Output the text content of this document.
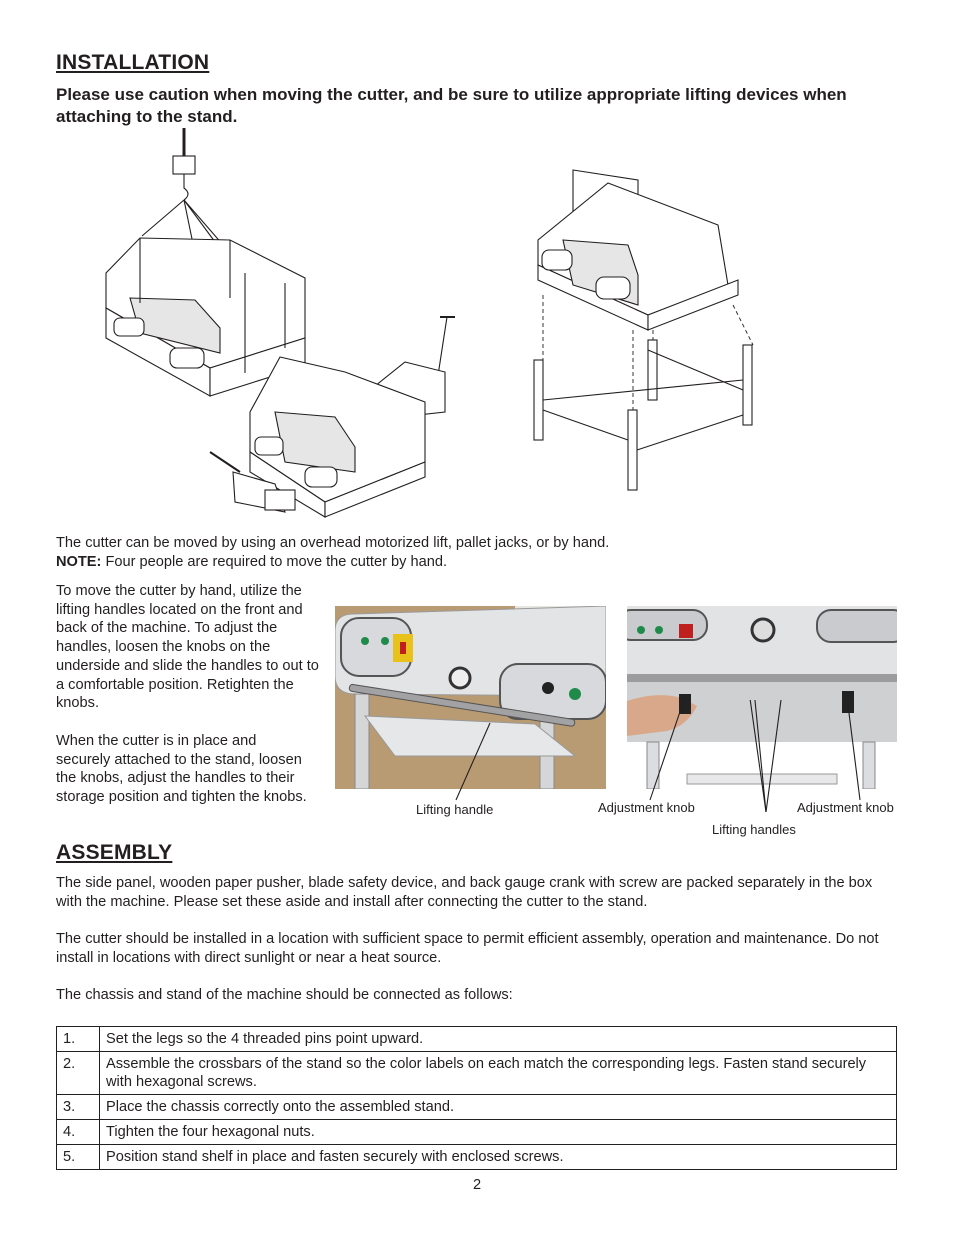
INSTALLATION
Please use caution when moving the cutter, and be sure to utilize appropriate lifting devices when attaching to the stand.
The cutter can be moved by using an overhead motorized lift, pallet jacks, or by hand.
NOTE: Four people are required to move the cutter by hand.
To move the cutter by hand, utilize the lifting handles located on the front and back of the machine. To adjust the handles, loosen the knobs on the underside and slide the handles to out to a comfortable position. Retighten the knobs.
When the cutter is in place and securely attached to the stand, loosen the knobs, adjust the handles to their storage position and tighten the knobs.
Lifting handle	Adjustment knob	Adjustment knob
Lifting handles
ASSEMBLY
The side panel, wooden paper pusher, blade safety device, and back gauge crank with screw are packed separately in the box with the machine. Please set these aside and install after connecting the cutter to the stand.
The cutter should be installed in a location with sufficient space to permit efficient assembly, operation and maintenance. Do not install in locations with direct sunlight or near a heat source.
The chassis and stand of the machine should be connected as follows:
1.	Set the legs so the 4 threaded pins point upward.
2.	Assemble the crossbars of the stand so the color labels on each match the corresponding legs. Fasten stand securely with hexagonal screws.
3.	Place the chassis correctly onto the assembled stand.
4.	Tighten the four hexagonal nuts.
5.	Position stand shelf in place and fasten securely with enclosed screws.
2
